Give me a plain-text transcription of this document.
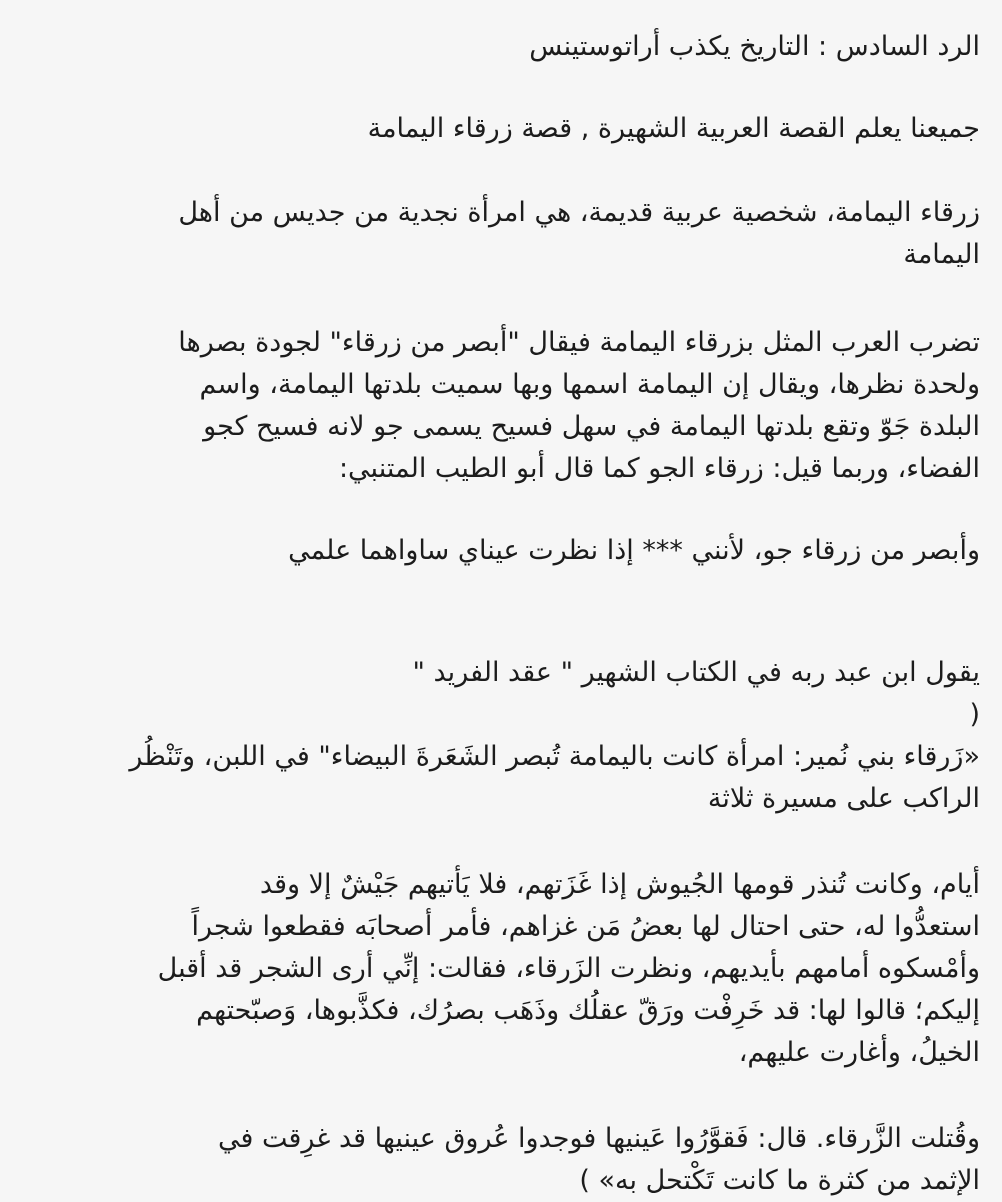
الرد السادس : التاريخ يكذب أراتوستينس

جميعنا يعلم القصة العربية الشهيرة , قصة زرقاء اليمامة

زرقاء اليمامة، شخصية عربية قديمة، هي امرأة نجدية من جديس من أهل
اليمامة

تضرب العرب المثل بزرقاء اليمامة فيقال "أبصر من زرقاء" لجودة بصرها
ولحدة نظرها، ويقال إن اليمامة اسمها وبها سميت بلدتها اليمامة، واسم
البلدة جَوّ وتقع بلدتها اليمامة في سهل فسيح يسمى جو لانه فسيح كجو
الفضاء، وربما قيل: زرقاء الجو كما قال أبو الطيب المتنبي:

وأبصر من زرقاء جو، لأنني *** إذا نظرت عيناي ساواهما علمي

يقول ابن عبد ربه في الكتاب الشهير " عقد الفريد "
(
«زَرقاء بني نُمير: امرأة كانت باليمامة تُبصر الشَعَرةَ البيضاء" في اللبن، وتَنْظُر
الراكب على مسيرة ثلاثة

أيام، وكانت تُنذر قومها الجُيوش إذا غَزَتهم، فلا يَأتيهم جَيْشٌ إلا وقد
استعدُّوا له، حتى احتال لها بعضُ مَن غزاهم، فأمر أصحابَه فقطعوا شجراً
وأمْسكوه أمامهم بأيديهم، ونظرت الزَرقاء، فقالت: إنِّي أرى الشجر قد أقبل
إليكم؛ قالوا لها: قد خَرِفْت ورَقّ عقلُك وذَهَب بصرُك، فكذَّبوها، وَصبّحتهم
الخيلُ، وأغارت عليهم،

وقُتلت الزَّرقاء. قال: فَقوَّرُوا عَينيها فوجدوا عُروق عينيها قد غرِقت في
الإثمد من كثرة ما كانت تَكْتحل به» )
